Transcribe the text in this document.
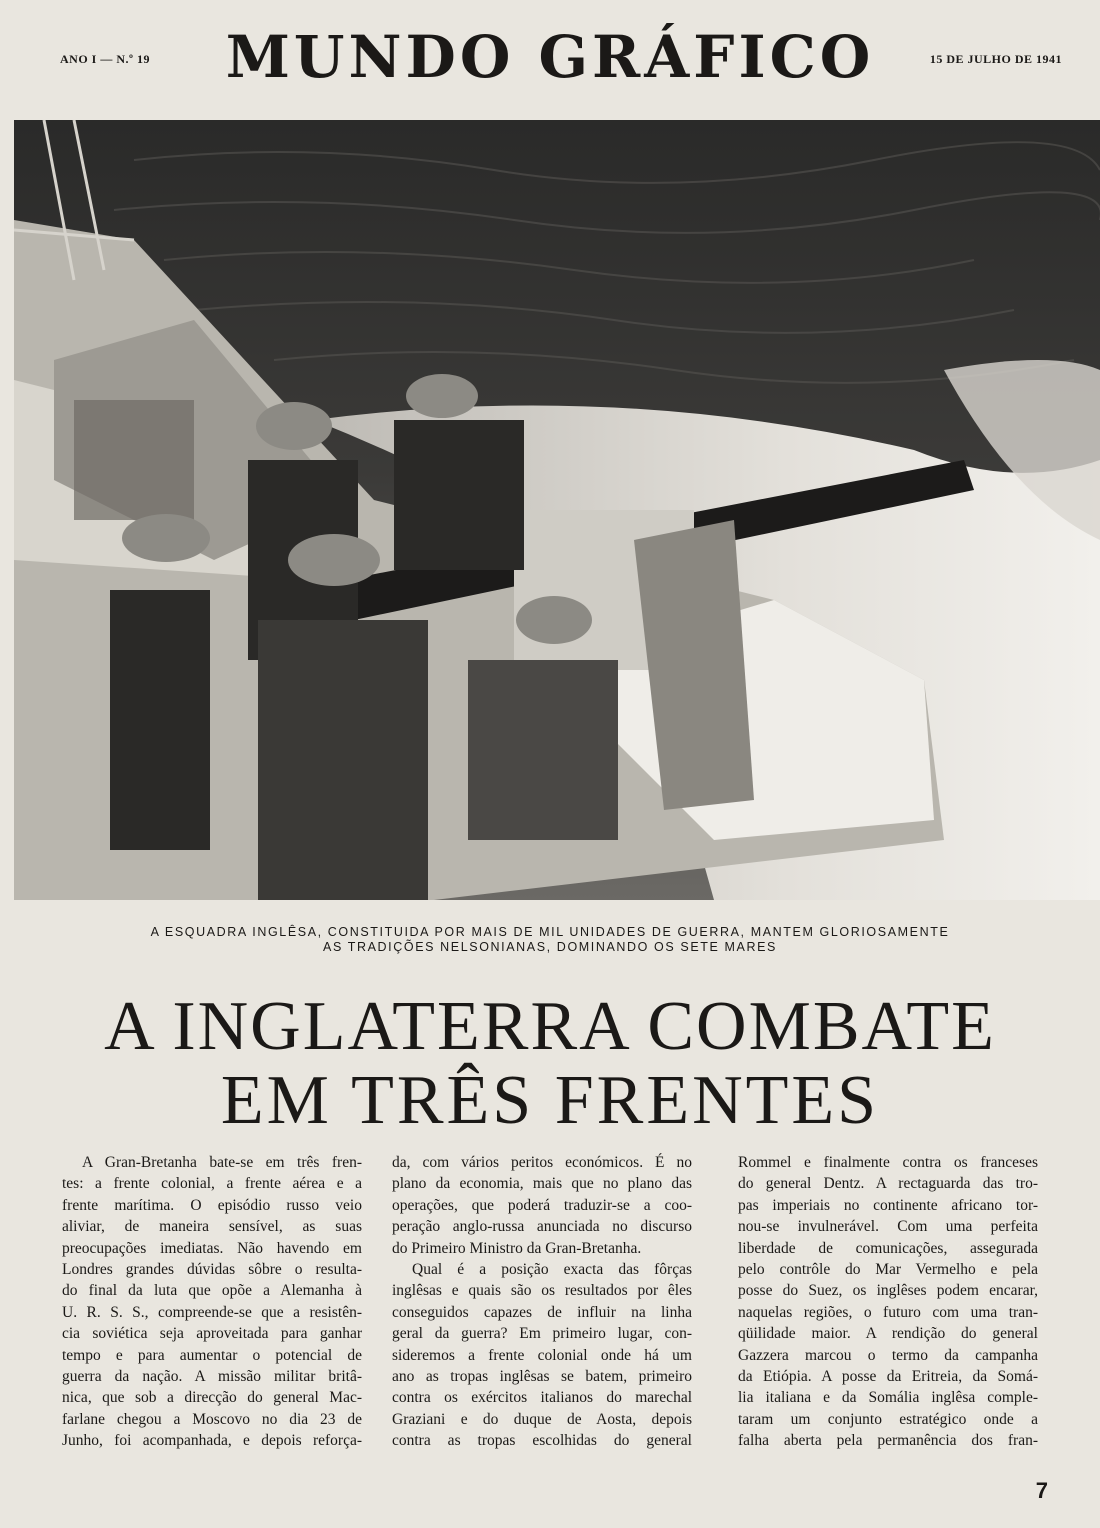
ANO I — N.º 19	MUNDO GRÁFICO	15 DE JULHO DE 1941
A ESQUADRA INGLÊSA, CONSTITUIDA POR MAIS DE MIL UNIDADES DE GUERRA, MANTEM GLORIOSAMENTE
AS TRADIÇÕES NELSONIANAS, DOMINANDO OS SETE MARES
A INGLATERRA COMBATE
EM TRÊS FRENTES
A Gran-Bretanha bate-se em três fren-
tes: a frente colonial, a frente aérea e a
frente marítima. O episódio russo veio
aliviar, de maneira sensível, as suas
preocupações imediatas. Não havendo em
Londres grandes dúvidas sôbre o resulta-
do final da luta que opõe a Alemanha à
U. R. S. S., compreende-se que a resistên-
cia soviética seja aproveitada para ganhar
tempo e para aumentar o potencial de
guerra da nação. A missão militar britâ-
nica, que sob a direcção do general Mac-
farlane chegou a Moscovo no dia 23 de
Junho, foi acompanhada, e depois reforça-
da, com vários peritos económicos. É no
plano da economia, mais que no plano das
operações, que poderá traduzir-se a coo-
peração anglo-russa anunciada no discurso
do Primeiro Ministro da Gran-Bretanha.
Qual é a posição exacta das fôrças
inglêsas e quais são os resultados por êles
conseguidos capazes de influir na linha
geral da guerra? Em primeiro lugar, con-
sideremos a frente colonial onde há um
ano as tropas inglêsas se batem, primeiro
contra os exércitos italianos do marechal
Graziani e do duque de Aosta, depois
contra as tropas escolhidas do general
Rommel e finalmente contra os franceses
do general Dentz. A rectaguarda das tro-
pas imperiais no continente africano tor-
nou-se invulnerável. Com uma perfeita
liberdade de comunicações, assegurada
pelo contrôle do Mar Vermelho e pela
posse do Suez, os inglêses podem encarar,
naquelas regiões, o futuro com uma tran-
qüilidade maior. A rendição do general
Gazzera marcou o termo da campanha
da Etiópia. A posse da Eritreia, da Somá-
lia italiana e da Somália inglêsa comple-
taram um conjunto estratégico onde a
falha aberta pela permanência dos fran-
7
